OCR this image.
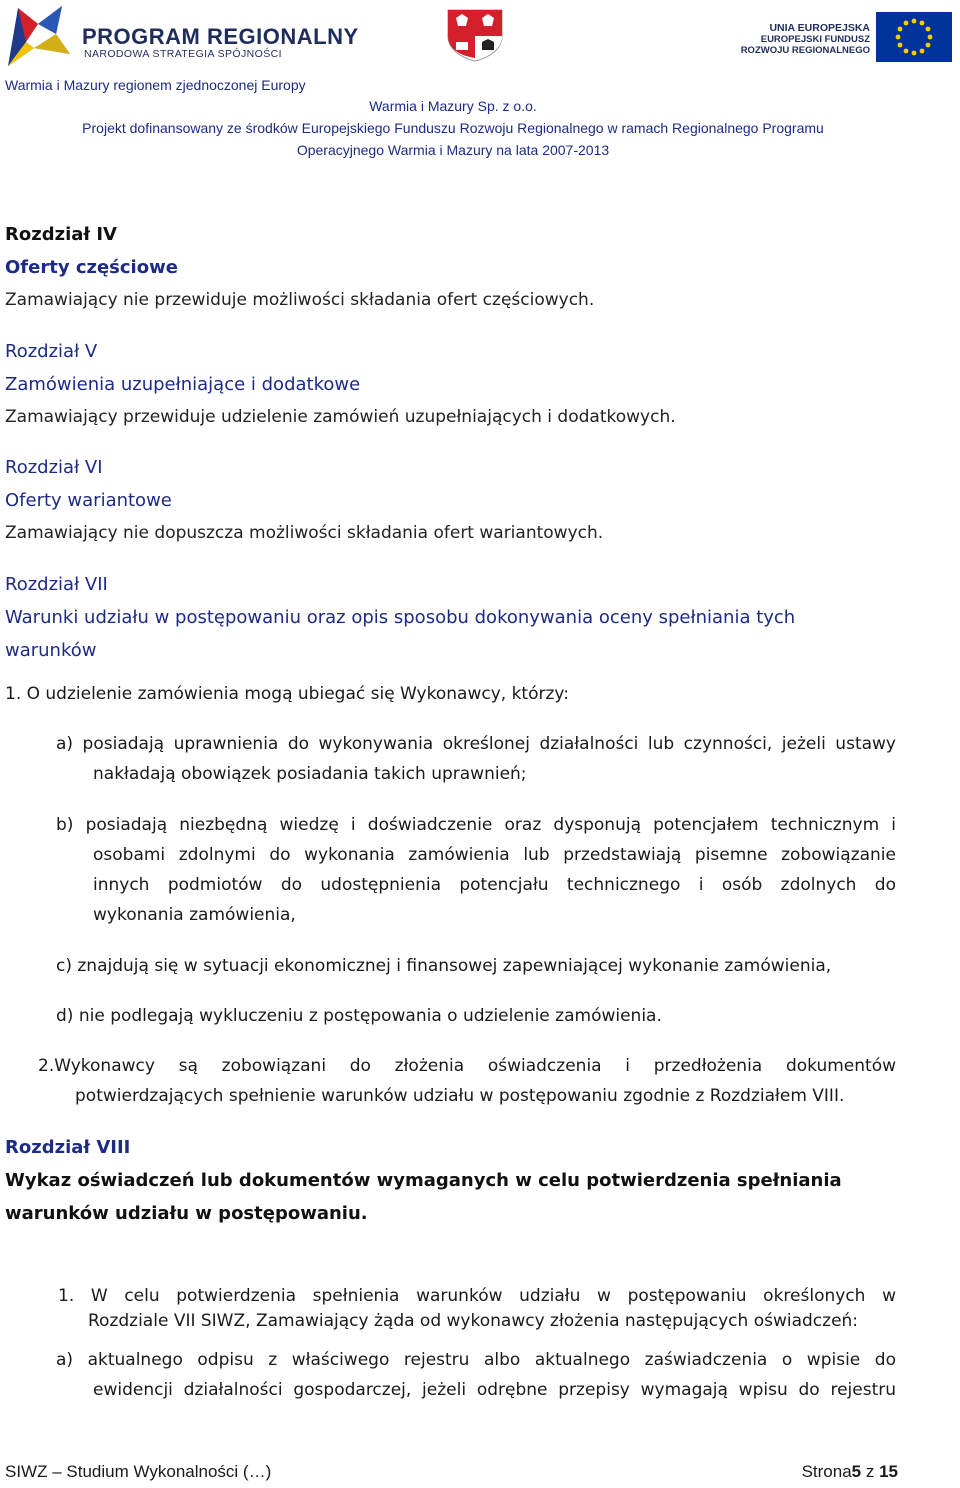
PROGRAM REGIONALNY
NARODOWA STRATEGIA SPÓJNOŚCI
UNIA EUROPEJSKA
EUROPEJSKI FUNDUSZ
ROZWOJU REGIONALNEGO
Warmia i Mazury regionem zjednoczonej Europy
Warmia i Mazury Sp. z o.o.
Projekt dofinansowany ze środków Europejskiego Funduszu Rozwoju Regionalnego w ramach Regionalnego Programu
Operacyjnego Warmia i Mazury na lata 2007-2013
Rozdział IV
Oferty częściowe
Zamawiający nie przewiduje możliwości składania ofert częściowych.
Rozdział V
Zamówienia uzupełniające i dodatkowe
Zamawiający przewiduje udzielenie zamówień uzupełniających i dodatkowych.
Rozdział VI
Oferty wariantowe
Zamawiający nie dopuszcza możliwości składania ofert wariantowych.
Rozdział VII
Warunki udziału w postępowaniu oraz opis sposobu dokonywania oceny spełniania tych
warunków
1. O udzielenie zamówienia mogą ubiegać się Wykonawcy, którzy:
a) posiadają uprawnienia do wykonywania określonej działalności lub czynności, jeżeli ustawy
nakładają obowiązek posiadania takich uprawnień;
b) posiadają niezbędną wiedzę i doświadczenie oraz dysponują potencjałem technicznym i
osobami zdolnymi do wykonania zamówienia lub przedstawiają pisemne zobowiązanie
innych podmiotów do udostępnienia potencjału technicznego i osób zdolnych do
wykonania zamówienia,
c) znajdują się w sytuacji ekonomicznej i finansowej zapewniającej wykonanie zamówienia,
d) nie podlegają wykluczeniu z postępowania o udzielenie zamówienia.
2.Wykonawcy są zobowiązani do złożenia oświadczenia i przedłożenia dokumentów
potwierdzających spełnienie warunków udziału w postępowaniu zgodnie z Rozdziałem VIII.
Rozdział VIII
Wykaz oświadczeń lub dokumentów wymaganych w celu potwierdzenia spełniania
warunków udziału w postępowaniu.
1. W celu potwierdzenia spełnienia warunków udziału w postępowaniu określonych w
Rozdziale VII SIWZ, Zamawiający żąda od wykonawcy złożenia następujących oświadczeń:
a) aktualnego odpisu z właściwego rejestru albo aktualnego zaświadczenia o wpisie do
ewidencji działalności gospodarczej, jeżeli odrębne przepisy wymagają wpisu do rejestru
SIWZ – Studium Wykonalności (…)	Strona5 z 15
